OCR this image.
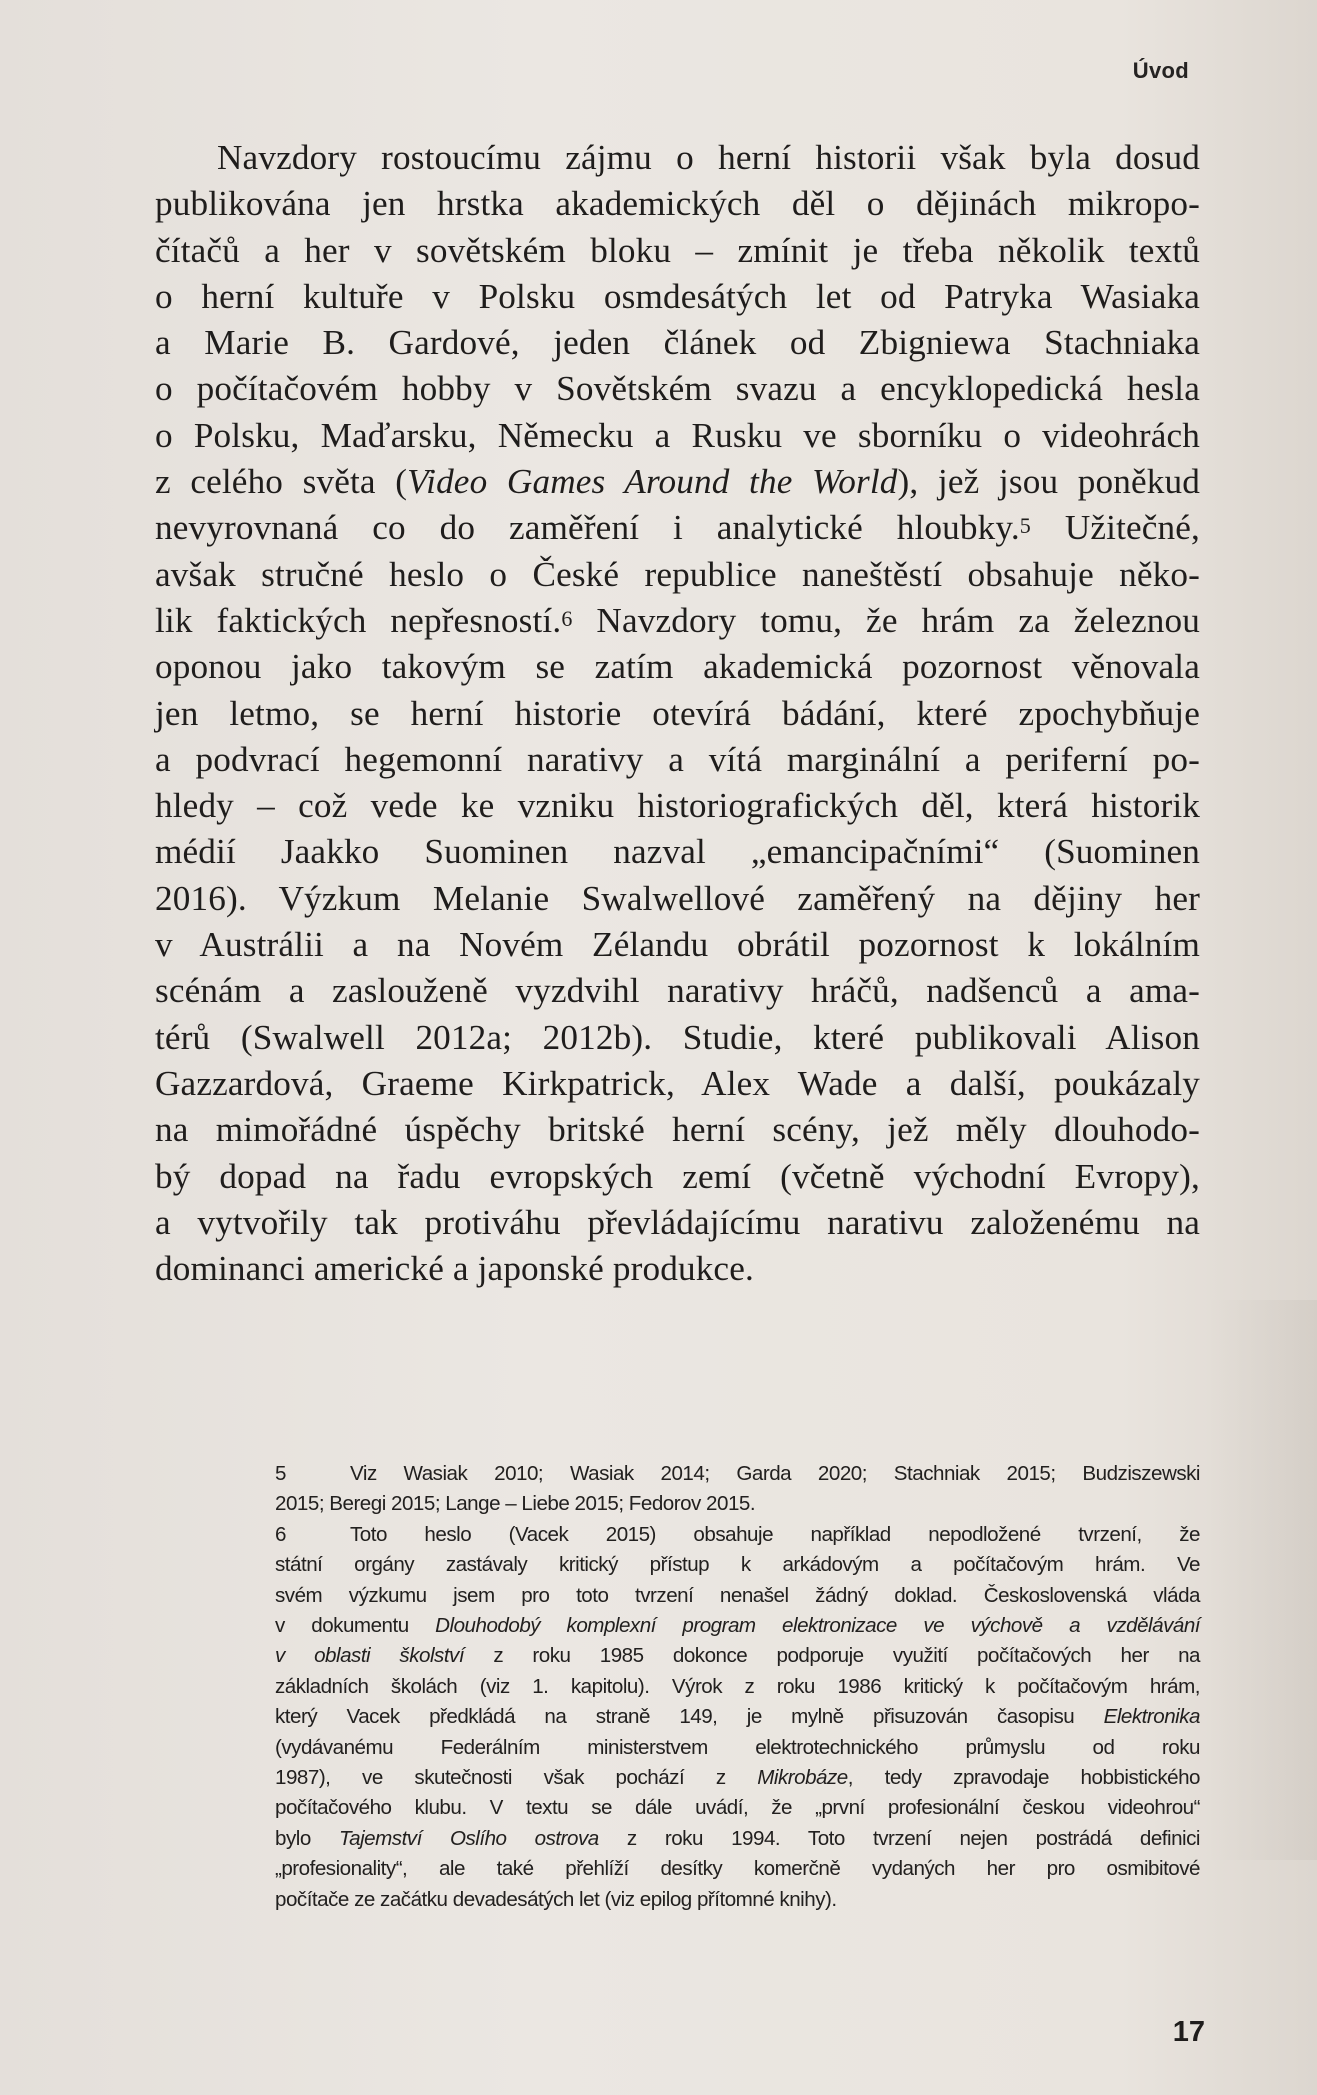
Úvod
Navzdory rostoucímu zájmu o herní historii však byla dosud
publikována jen hrstka akademických děl o dějinách mikropo-
čítačů a her v sovětském bloku – zmínit je třeba několik textů
o herní kultuře v Polsku osmdesátých let od Patryka Wasiaka
a Marie B. Gardové, jeden článek od Zbigniewa Stachniaka
o počítačovém hobby v Sovětském svazu a encyklopedická hesla
o Polsku, Maďarsku, Německu a Rusku ve sborníku o videohrách
z celého světa (Video Games Around the World), jež jsou poněkud
nevyrovnaná co do zaměření i analytické hloubky.$^5$ Užitečné,
avšak stručné heslo o České republice naneštěstí obsahuje něko-
lik faktických nepřesností.$^6$ Navzdory tomu, že hrám za železnou
oponou jako takovým se zatím akademická pozornost věnovala
jen letmo, se herní historie otevírá bádání, které zpochybňuje
a podvrací hegemonní narativy a vítá marginální a periferní po-
hledy – což vede ke vzniku historiografických děl, která historik
médií Jaakko Suominen nazval „emancipačními“ (Suominen
2016). Výzkum Melanie Swalwellové zaměřený na dějiny her
v Austrálii a na Novém Zélandu obrátil pozornost k lokálním
scénám a zaslouženě vyzdvihl narativy hráčů, nadšenců a ama-
térů (Swalwell 2012a; 2012b). Studie, které publikovali Alison
Gazzardová, Graeme Kirkpatrick, Alex Wade a další, poukázaly
na mimořádné úspěchy britské herní scény, jež měly dlouhodo-
bý dopad na řadu evropských zemí (včetně východní Evropy),
a vytvořily tak protiváhu převládajícímu narativu založenému na
dominanci americké a japonské produkce.
5	Viz Wasiak 2010; Wasiak 2014; Garda 2020; Stachniak 2015; Budziszewski
2015; Beregi 2015; Lange – Liebe 2015; Fedorov 2015.
6	Toto heslo (Vacek 2015) obsahuje například nepodložené tvrzení, že
státní orgány zastávaly kritický přístup k arkádovým a počítačovým hrám. Ve
svém výzkumu jsem pro toto tvrzení nenašel žádný doklad. Československá vláda
v dokumentu Dlouhodobý komplexní program elektronizace ve výchově a vzdělávání
v oblasti školství z roku 1985 dokonce podporuje využití počítačových her na
základních školách (viz 1. kapitolu). Výrok z roku 1986 kritický k počítačovým hrám,
který Vacek předkládá na straně 149, je mylně přisuzován časopisu Elektronika
(vydávanému Federálním ministerstvem elektrotechnického průmyslu od roku
1987), ve skutečnosti však pochází z Mikrobáze, tedy zpravodaje hobbistického
počítačového klubu. V textu se dále uvádí, že „první profesionální českou videohrou“
bylo Tajemství Oslího ostrova z roku 1994. Toto tvrzení nejen postrádá definici
„profesionality“, ale také přehlíží desítky komerčně vydaných her pro osmibitové
počítače ze začátku devadesátých let (viz epilog přítomné knihy).
17
